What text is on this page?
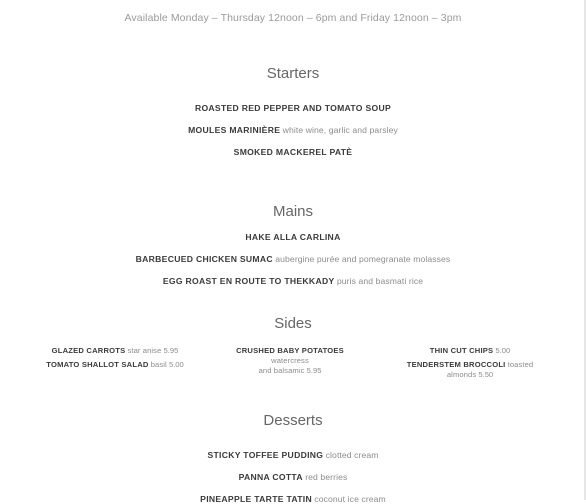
Available Monday – Thursday 12noon – 6pm and Friday 12noon – 3pm
Starters
ROASTED RED PEPPER AND TOMATO SOUP
MOULES MARINIÈRE white wine, garlic and parsley
SMOKED MACKEREL PATÈ
Mains
HAKE ALLA CARLINA
BARBECUED CHICKEN SUMAC aubergine purée and pomegranate molasses
EGG ROAST EN ROUTE TO THEKKADY puris and basmati rice
Sides
GLAZED CARROTS star anise 5.95
TOMATO SHALLOT SALAD basil 5.00
CRUSHED BABY POTATOES
watercress
and balsamic 5.95
THIN CUT CHIPS 5.00
TENDERSTEM BROCCOLI toasted
almonds 5.50
Desserts
STICKY TOFFEE PUDDING clotted cream
PANNA COTTA red berries
PINEAPPLE TARTE TATIN coconut ice cream
